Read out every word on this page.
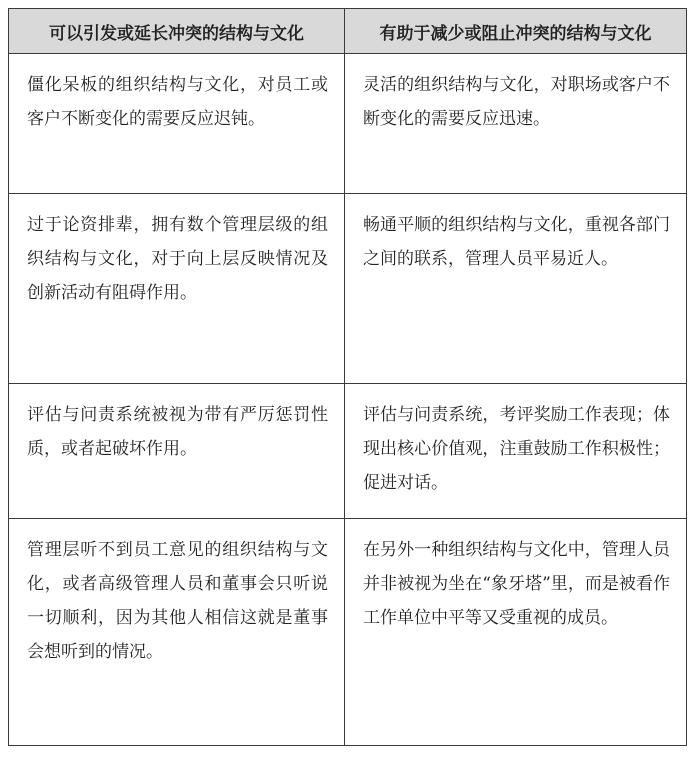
可以引发或延长冲突的结构与文化	有助于减少或阻止冲突的结构与文化
僵化呆板的组织结构与文化，对员工或客户不断变化的需要反应迟钝。	灵活的组织结构与文化，对职场或客户不断变化的需要反应迅速。
过于论资排辈，拥有数个管理层级的组织结构与文化，对于向上层反映情况及创新活动有阻碍作用。	畅通平顺的组织结构与文化，重视各部门之间的联系，管理人员平易近人。
评估与问责系统被视为带有严厉惩罚性质，或者起破坏作用。	评估与问责系统，考评奖励工作表现；体现出核心价值观，注重鼓励工作积极性；促进对话。
管理层听不到员工意见的组织结构与文化，或者高级管理人员和董事会只听说一切顺利，因为其他人相信这就是董事会想听到的情况。	在另外一种组织结构与文化中，管理人员并非被视为坐在“象牙塔”里，而是被看作工作单位中平等又受重视的成员。
